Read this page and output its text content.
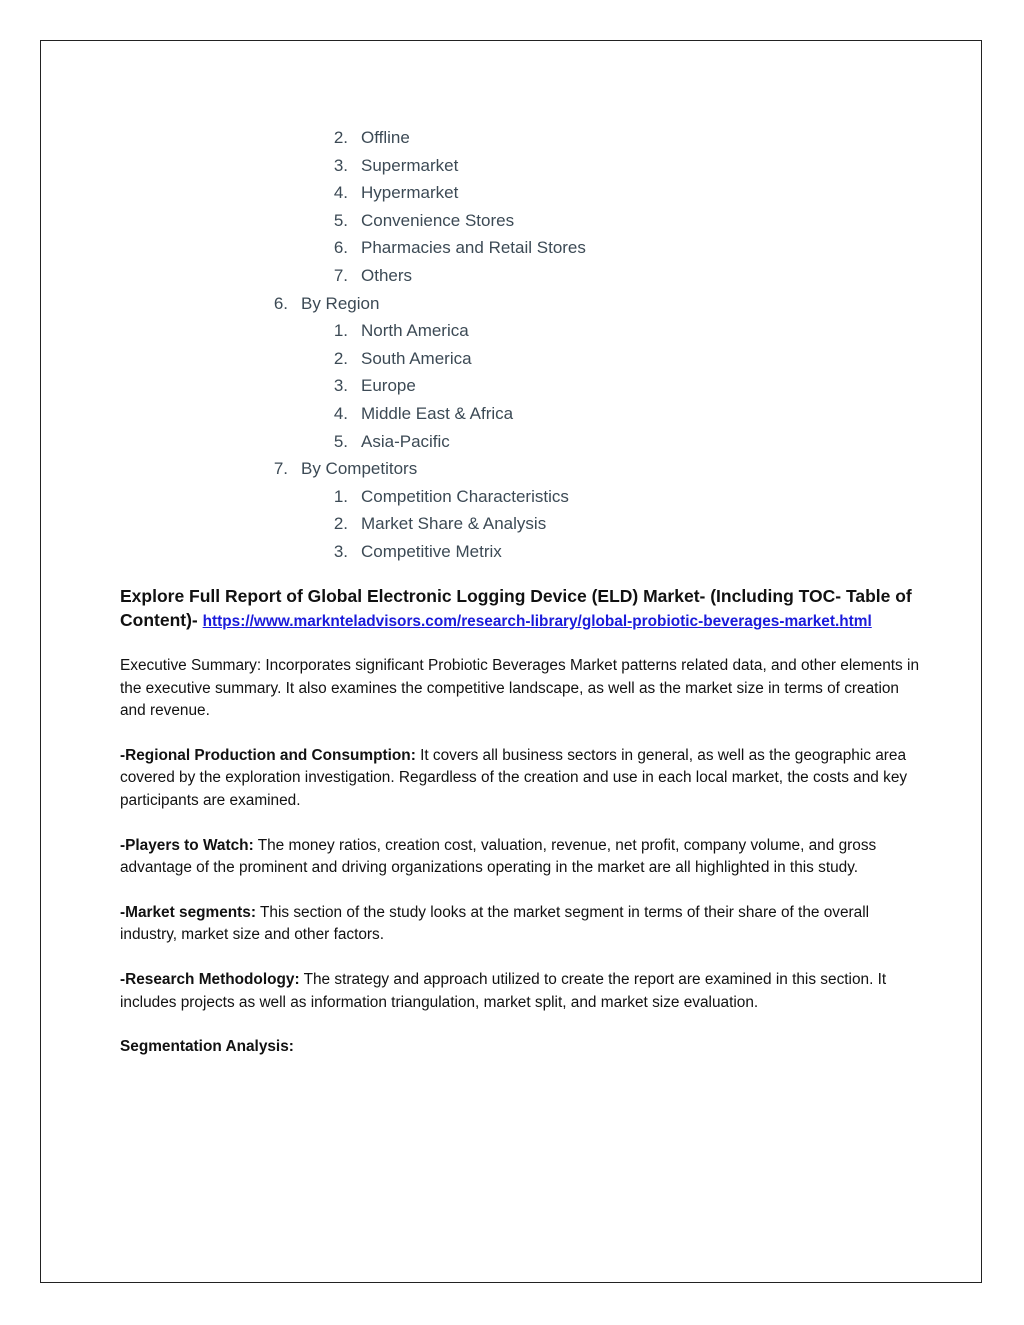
2. Offline
3. Supermarket
4. Hypermarket
5. Convenience Stores
6. Pharmacies and Retail Stores
7. Others
6. By Region
1. North America
2. South America
3. Europe
4. Middle East & Africa
5. Asia-Pacific
7. By Competitors
1. Competition Characteristics
2. Market Share & Analysis
3. Competitive Metrix

Explore Full Report of Global Electronic Logging Device (ELD) Market- (Including TOC- Table of Content)- https://www.marknteladvisors.com/research-library/global-probiotic-beverages-market.html

Executive Summary: Incorporates significant Probiotic Beverages Market patterns related data, and other elements in the executive summary. It also examines the competitive landscape, as well as the market size in terms of creation and revenue.

-Regional Production and Consumption: It covers all business sectors in general, as well as the geographic area covered by the exploration investigation. Regardless of the creation and use in each local market, the costs and key participants are examined.

-Players to Watch: The money ratios, creation cost, valuation, revenue, net profit, company volume, and gross advantage of the prominent and driving organizations operating in the market are all highlighted in this study.

-Market segments: This section of the study looks at the market segment in terms of their share of the overall industry, market size and other factors.

-Research Methodology: The strategy and approach utilized to create the report are examined in this section. It includes projects as well as information triangulation, market split, and market size evaluation.

Segmentation Analysis:
